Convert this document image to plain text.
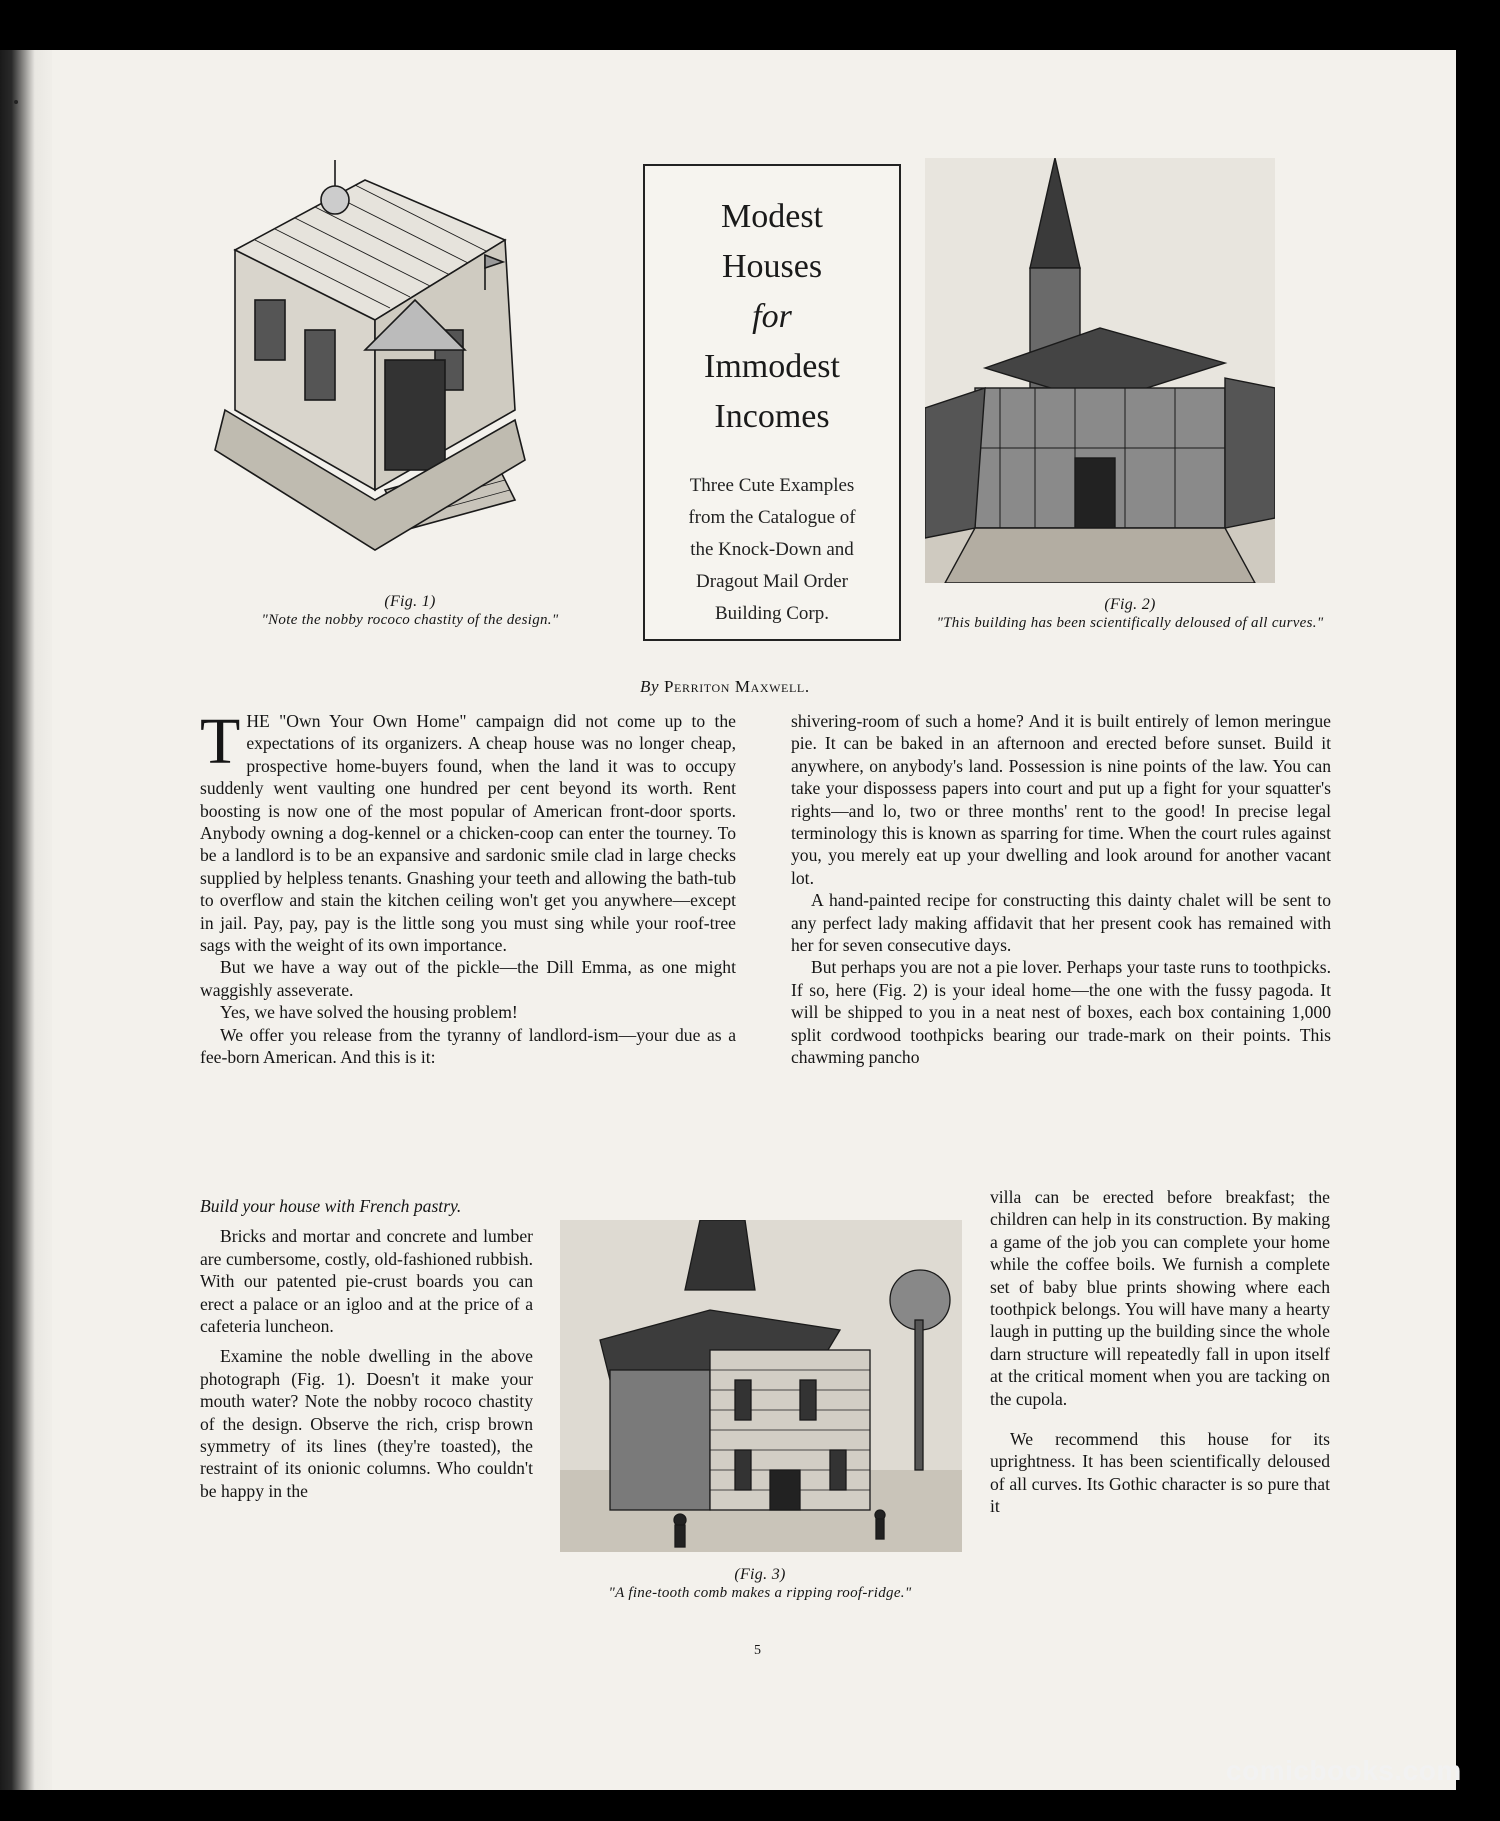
(Fig. 1)
"Note the nobby rococo chastity of the design."
Modest
Houses
for
Immodest
Incomes
Three Cute Examples
from the Catalogue of
the Knock-Down and
Dragout Mail Order
Building Corp.	(Fig. 2)
"This building has been scientifically deloused of all curves."
By Perriton Maxwell.

THE "Own Your Own Home" campaign did not come up to the expectations of its organizers. A cheap house was no longer cheap, prospective home-buyers found, when the land it was to occupy suddenly went vaulting one hundred per cent beyond its worth. Rent boosting is now one of the most popular of American front-door sports. Anybody owning a dog-kennel or a chicken-coop can enter the tourney. To be a landlord is to be an expansive and sardonic smile clad in large checks supplied by helpless tenants. Gnashing your teeth and allowing the bath-tub to overflow and stain the kitchen ceiling won't get you anywhere—except in jail. Pay, pay, pay is the little song you must sing while your roof-tree sags with the weight of its own importance.

But we have a way out of the pickle—the Dill Emma, as one might waggishly asseverate.

Yes, we have solved the housing problem!

We offer you release from the tyranny of landlord-ism—your due as a fee-born American. And this is it:

Build your house with French pastry.

Bricks and mortar and concrete and lumber are cumbersome, costly, old-fashioned rubbish. With our patented pie-crust boards you can erect a palace or an igloo and at the price of a cafeteria luncheon.

Examine the noble dwelling in the above photograph (Fig. 1). Doesn't it make your mouth water? Note the nobby rococo chastity of the design. Observe the rich, crisp brown symmetry of its lines (they're toasted), the restraint of its onionic columns. Who couldn't be happy in the

(Fig. 3)
"A fine-tooth comb makes a ripping roof-ridge."

shivering-room of such a home? And it is built entirely of lemon meringue pie. It can be baked in an afternoon and erected before sunset. Build it anywhere, on anybody's land. Possession is nine points of the law. You can take your dispossess papers into court and put up a fight for your squatter's rights—and lo, two or three months' rent to the good! In precise legal terminology this is known as sparring for time. When the court rules against you, you merely eat up your dwelling and look around for another vacant lot.

A hand-painted recipe for constructing this dainty chalet will be sent to any perfect lady making affidavit that her present cook has remained with her for seven consecutive days.

But perhaps you are not a pie lover. Perhaps your taste runs to toothpicks. If so, here (Fig. 2) is your ideal home—the one with the fussy pagoda. It will be shipped to you in a neat nest of boxes, each box containing 1,000 split cordwood toothpicks bearing our trade-mark on their points. This chawming pancho

villa can be erected before breakfast; the children can help in its construction. By making a game of the job you can complete your home while the coffee boils. We furnish a complete set of baby blue prints showing where each toothpick belongs. You will have many a hearty laugh in putting up the building since the whole darn structure will repeatedly fall in upon itself at the critical moment when you are tacking on the cupola.

We recommend this house for its uprightness. It has been scientifically deloused of all curves. Its Gothic character is so pure that it

5
comicbooks.com
